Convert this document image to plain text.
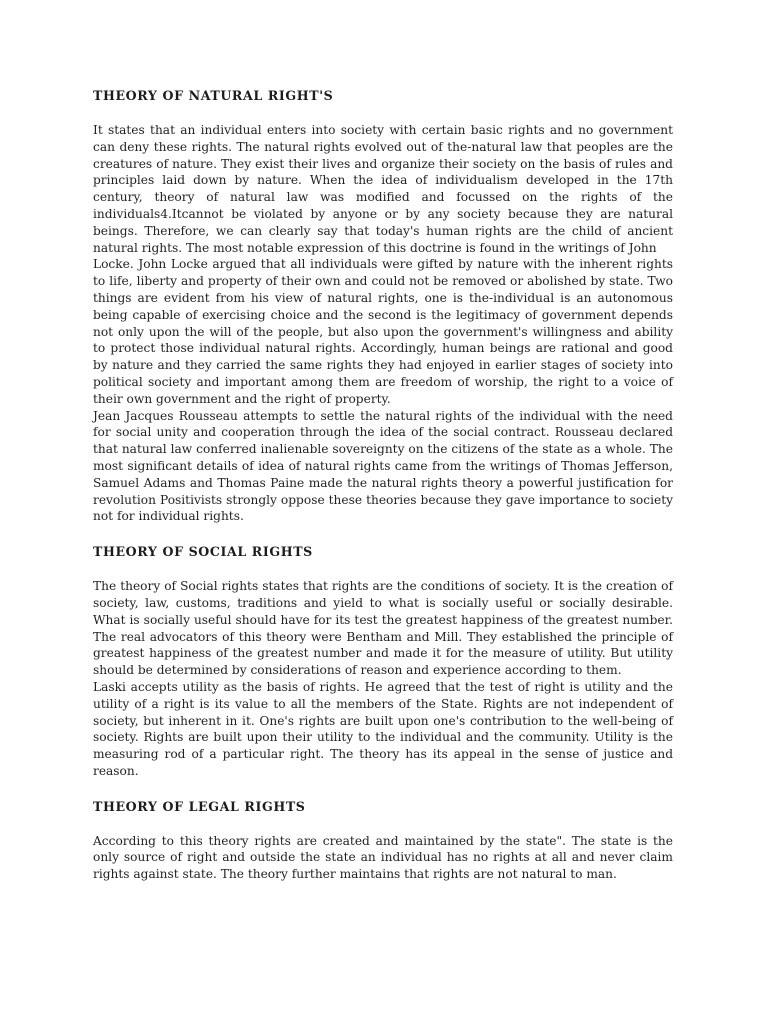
THEORY OF NATURAL RIGHT'S

It states that an individual enters into society with certain basic rights and no government can deny these rights. The natural rights evolved out of the-natural law that peoples are the creatures of nature. They exist their lives and organize their society on the basis of rules and principles laid down by nature. When the idea of individualism developed in the 17th century, theory of natural law was modified and focussed on the rights of the individuals4.Itcannot be violated by anyone or by any society because they are natural beings. Therefore, we can clearly say that today's human rights are the child of ancient natural rights. The most notable expression of this doctrine is found in the writings of John

Locke. John Locke argued that all individuals were gifted by nature with the inherent rights to life, liberty and property of their own and could not be removed or abolished by state. Two things are evident from his view of natural rights, one is the-individual is an autonomous being capable of exercising choice and the second is the legitimacy of government depends not only upon the will of the people, but also upon the government's willingness and ability to protect those individual natural rights. Accordingly, human beings are rational and good by nature and they carried the same rights they had enjoyed in earlier stages of society into political society and important among them are freedom of worship, the right to a voice of their own government and the right of property.

Jean Jacques Rousseau attempts to settle the natural rights of the individual with the need for social unity and cooperation through the idea of the social contract. Rousseau declared that natural law conferred inalienable sovereignty on the citizens of the state as a whole. The most significant details of idea of natural rights came from the writings of Thomas Jefferson, Samuel Adams and Thomas Paine made the natural rights theory a powerful justification for revolution Positivists strongly oppose these theories because they gave importance to society not for individual rights.

THEORY OF SOCIAL RIGHTS

The theory of Social rights states that rights are the conditions of society. It is the creation of society, law, customs, traditions and yield to what is socially useful or socially desirable. What is socially useful should have for its test the greatest happiness of the greatest number. The real advocators of this theory were Bentham and Mill. They established the principle of greatest happiness of the greatest number and made it for the measure of utility. But utility should be determined by considerations of reason and experience according to them.

Laski accepts utility as the basis of rights. He agreed that the test of right is utility and the utility of a right is its value to all the members of the State. Rights are not independent of society, but inherent in it. One's rights are built upon one's contribution to the well-being of society. Rights are built upon their utility to the individual and the community. Utility is the measuring rod of a particular right. The theory has its appeal in the sense of justice and reason.

THEORY OF LEGAL RIGHTS

According to this theory rights are created and maintained by the state". The state is the only source of right and outside the state an individual has no rights at all and never claim rights against state. The theory further maintains that rights are not natural to man.
